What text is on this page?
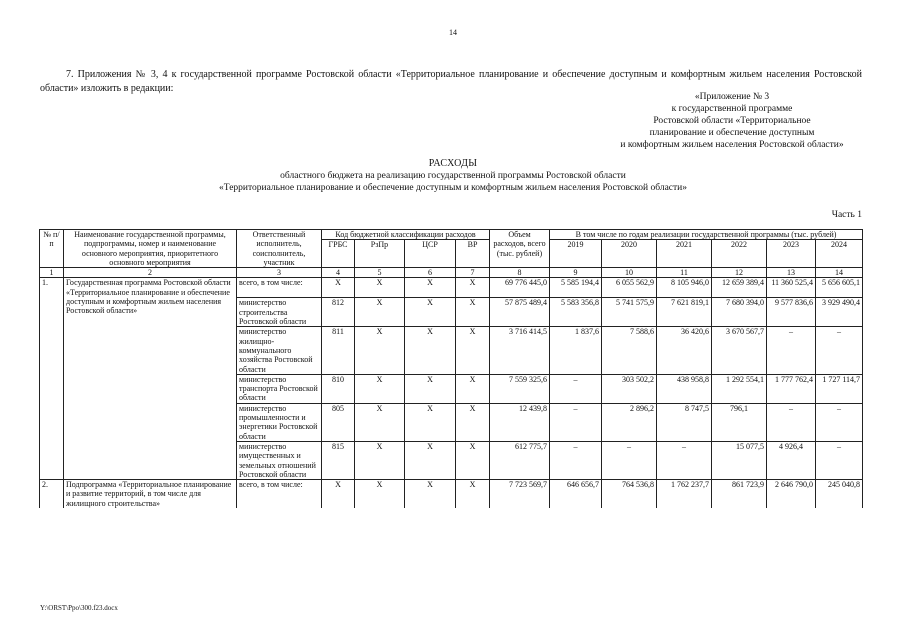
14

7. Приложения № 3, 4 к государственной программе Ростовской области «Территориальное планирование и обеспечение доступным и комфортным жильем населения Ростовской области» изложить в редакции:

«Приложение № 3
к государственной программе
Ростовской области «Территориальное
планирование и обеспечение доступным
и комфортным жильем населения Ростовской области»
РАСХОДЫ
областного бюджета на реализацию государственной программы Ростовской области
«Территориальное планирование и обеспечение доступным и комфортным жильем населения Ростовской области»
Часть 1
№ п/п	Наименование государственной программы, подпрограммы, номер и наименование основного мероприятия, приоритетного основного мероприятия	Ответственный исполнитель, соисполнитель, участник	Код бюджетной классификации расходов				Объем расходов, всего (тыс. рублей)	В том числе по годам реализации государственной программы (тыс. рублей)					
			ГРБС	РзПр	ЦСР	ВР		2019	2020	2021	2022	2023	2024
1	2	3	4	5	6	7	8	9	10	11	12	13	14
1.	Государственная программа Ростовской области «Территориальное планирование и обеспечение доступным и комфортным жильем населения Ростовской области»	всего, в том числе:	Х	Х	Х	Х	69 776 445,0	5 585 194,4	6 055 562,9	8 105 946,0	12 659 389,4	11 360 525,4	5 656 605,1
		министерство строительства Ростовской области	812	Х	Х	Х	57 875 489,4	5 583 356,8	5 741 575,9	7 621 819,1	7 680 394,0	9 577 836,6	3 929 490,4
		министерство жилищно-коммунального хозяйства Ростовской области	811	Х	Х	Х	3 716 414,5	1 837,6	7 588,6	36 420,6	3 670 567,7	–	–
		министерство транспорта Ростовской области	810	Х	Х	Х	7 559 325,6	–	303 502,2	438 958,8	1 292 554,1	1 777 762,4	1 727 114,7
		министерство промышленности и энергетики Ростовской области	805	Х	Х	Х	12 439,8	–	2 896,2	8 747,5	796,1	–	–
		министерство имущественных и земельных отношений Ростовской области	815	Х	Х	Х	612 775,7	–	–	–	15 077,5	4 926,4	–
2.	Подпрограмма «Территориальное планирование и развитие территорий, в том числе для жилищного строительства»	всего, в том числе:	Х	Х	Х	Х	7 723 569,7	646 656,7	764 536,8	1 762 237,7	861 723,9	2 646 790,0	245 040,8
Y:\ORST\Ppo\300.f23.docx
